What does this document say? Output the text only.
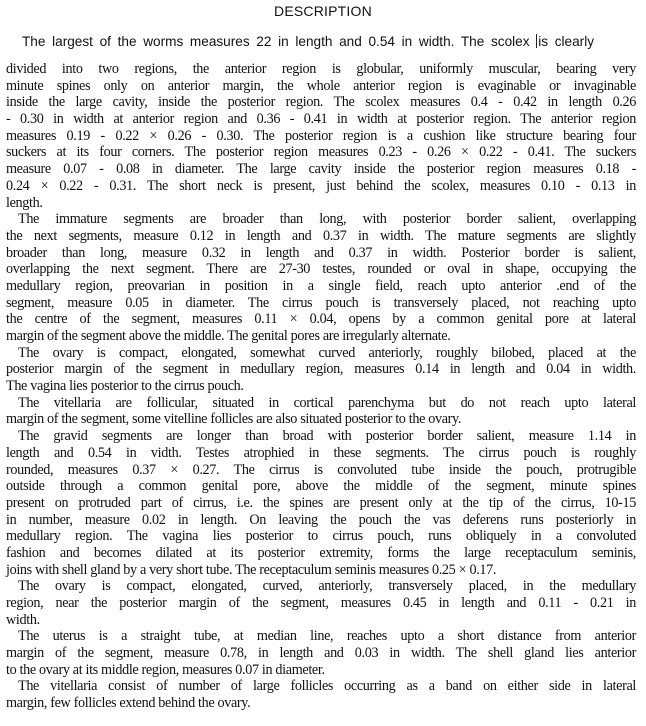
DESCRIPTION
The largest of the worms measures 22 in length and 0.54 in width. The scolex is clearly
divided into two regions, the anterior region is globular, uniformly muscular, bearing very
minute spines only on anterior margin, the whole anterior region is evaginable or invaginable
inside the large cavity, inside the posterior region. The scolex measures 0.4 - 0.42 in length 0.26
- 0.30 in width at anterior region and 0.36 - 0.41 in width at posterior region. The anterior region
measures 0.19 - 0.22 × 0.26 - 0.30. The posterior region is a cushion like structure bearing four
suckers at its four corners. The posterior region measures 0.23 - 0.26 × 0.22 - 0.41. The suckers
measure 0.07 - 0.08 in diameter. The large cavity inside the posterior region measures 0.18 -
0.24 × 0.22 - 0.31. The short neck is present, just behind the scolex, measures 0.10 - 0.13 in
length.
The immature segments are broader than long, with posterior border salient, overlapping
the next segments, measure 0.12 in length and 0.37 in width. The mature segments are slightly
broader than long, measure 0.32 in length and 0.37 in width. Posterior border is salient,
overlapping the next segment. There are 27-30 testes, rounded or oval in shape, occupying the
medullary region, preovarian in position in a single field, reach upto anterior .end of the
segment, measure 0.05 in diameter. The cirrus pouch is transversely placed, not reaching upto
the centre of the segment, measures 0.11 × 0.04, opens by a common genital pore at lateral
margin of the segment above the middle. The genital pores are irregularly alternate.
The ovary is compact, elongated, somewhat curved anteriorly, roughly bilobed, placed at the
posterior margin of the segment in medullary region, measures 0.14 in length and 0.04 in width.
The vagina lies posterior to the cirrus pouch.
The vitellaria are follicular, situated in cortical parenchyma but do not reach upto lateral
margin of the segment, some vitelline follicles are also situated posterior to the ovary.
The gravid segments are longer than broad with posterior border salient, measure 1.14 in
length and 0.54 in vidth. Testes atrophied in these segments. The cirrus pouch is roughly
rounded, measures 0.37 × 0.27. The cirrus is convoluted tube inside the pouch, protrugible
outside through a common genital pore, above the middle of the segment, minute spines
present on protruded part of cirrus, i.e. the spines are present only at the tip of the cirrus, 10-15
in number, measure 0.02 in length. On leaving the pouch the vas deferens runs posteriorly in
medullary region. The vagina lies posterior to cirrus pouch, runs obliquely in a convoluted
fashion and becomes dilated at its posterior extremity, forms the large receptaculum seminis,
joins with shell gland by a very short tube. The receptaculum seminis measures 0.25 × 0.17.
The ovary is compact, elongated, curved, anteriorly, transversely placed, in the medullary
region, near the posterior margin of the segment, measures 0.45 in length and 0.11 - 0.21 in
width.
The uterus is a straight tube, at median line, reaches upto a short distance from anterior
margin of the segment, measure 0.78, in length and 0.03 in width. The shell gland lies anterior
to the ovary at its middle region, measures 0.07 in diameter.
The vitellaria consist of number of large follicles occurring as a band on either side in lateral
margin, few follicles extend behind the ovary.
